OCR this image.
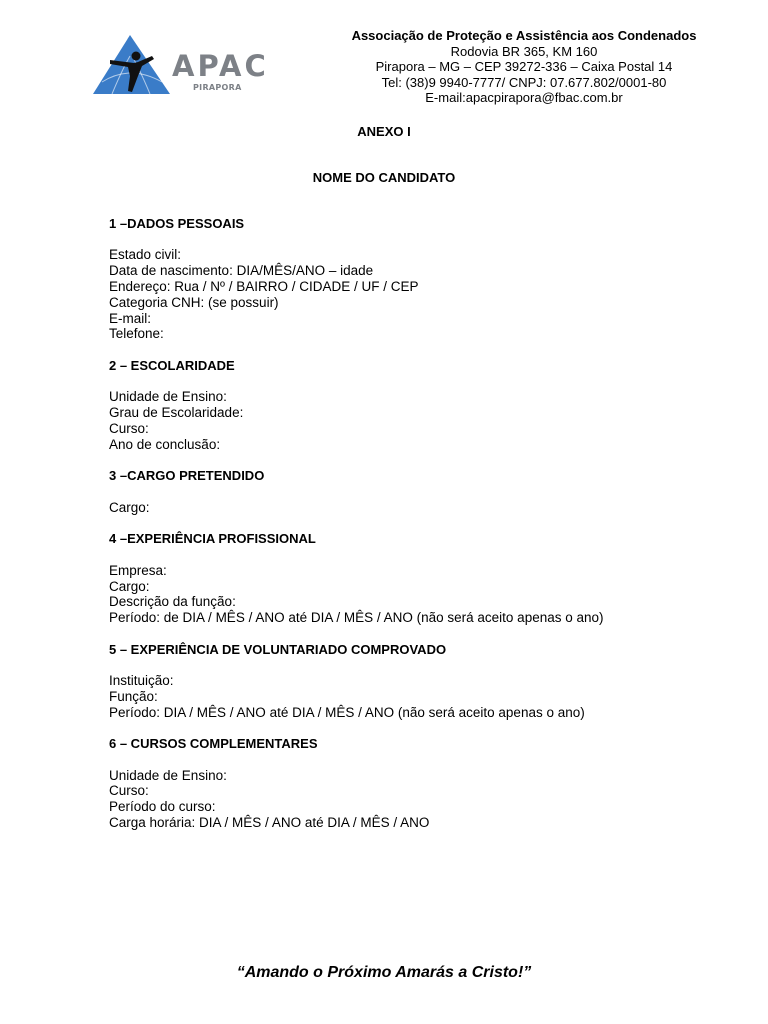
APAC
PIRAPORA
Associação de Proteção e Assistência aos Condenados
Rodovia BR 365, KM 160
Pirapora – MG – CEP 39272-336 – Caixa Postal 14
Tel: (38)9 9940-7777/ CNPJ: 07.677.802/0001-80
E-mail:apacpirapora@fbac.com.br
ANEXO I
NOME DO CANDIDATO
1 –DADOS PESSOAIS
Estado civil:
Data de nascimento: DIA/MÊS/ANO – idade
Endereço: Rua / Nº / BAIRRO / CIDADE / UF / CEP
Categoria CNH: (se possuir)
E-mail:
Telefone:
2 – ESCOLARIDADE
Unidade de Ensino:
Grau de Escolaridade:
Curso:
Ano de conclusão:
3 –CARGO PRETENDIDO
Cargo:
4 –EXPERIÊNCIA PROFISSIONAL
Empresa:
Cargo:
Descrição da função:
Período: de DIA / MÊS / ANO até DIA / MÊS / ANO (não será aceito apenas o ano)
5 – EXPERIÊNCIA DE VOLUNTARIADO COMPROVADO
Instituição:
Função:
Período: DIA / MÊS / ANO até DIA / MÊS / ANO (não será aceito apenas o ano)
6 – CURSOS COMPLEMENTARES
Unidade de Ensino:
Curso:
Período do curso:
Carga horária: DIA / MÊS / ANO até DIA / MÊS / ANO
“Amando o Próximo Amarás a Cristo!”
